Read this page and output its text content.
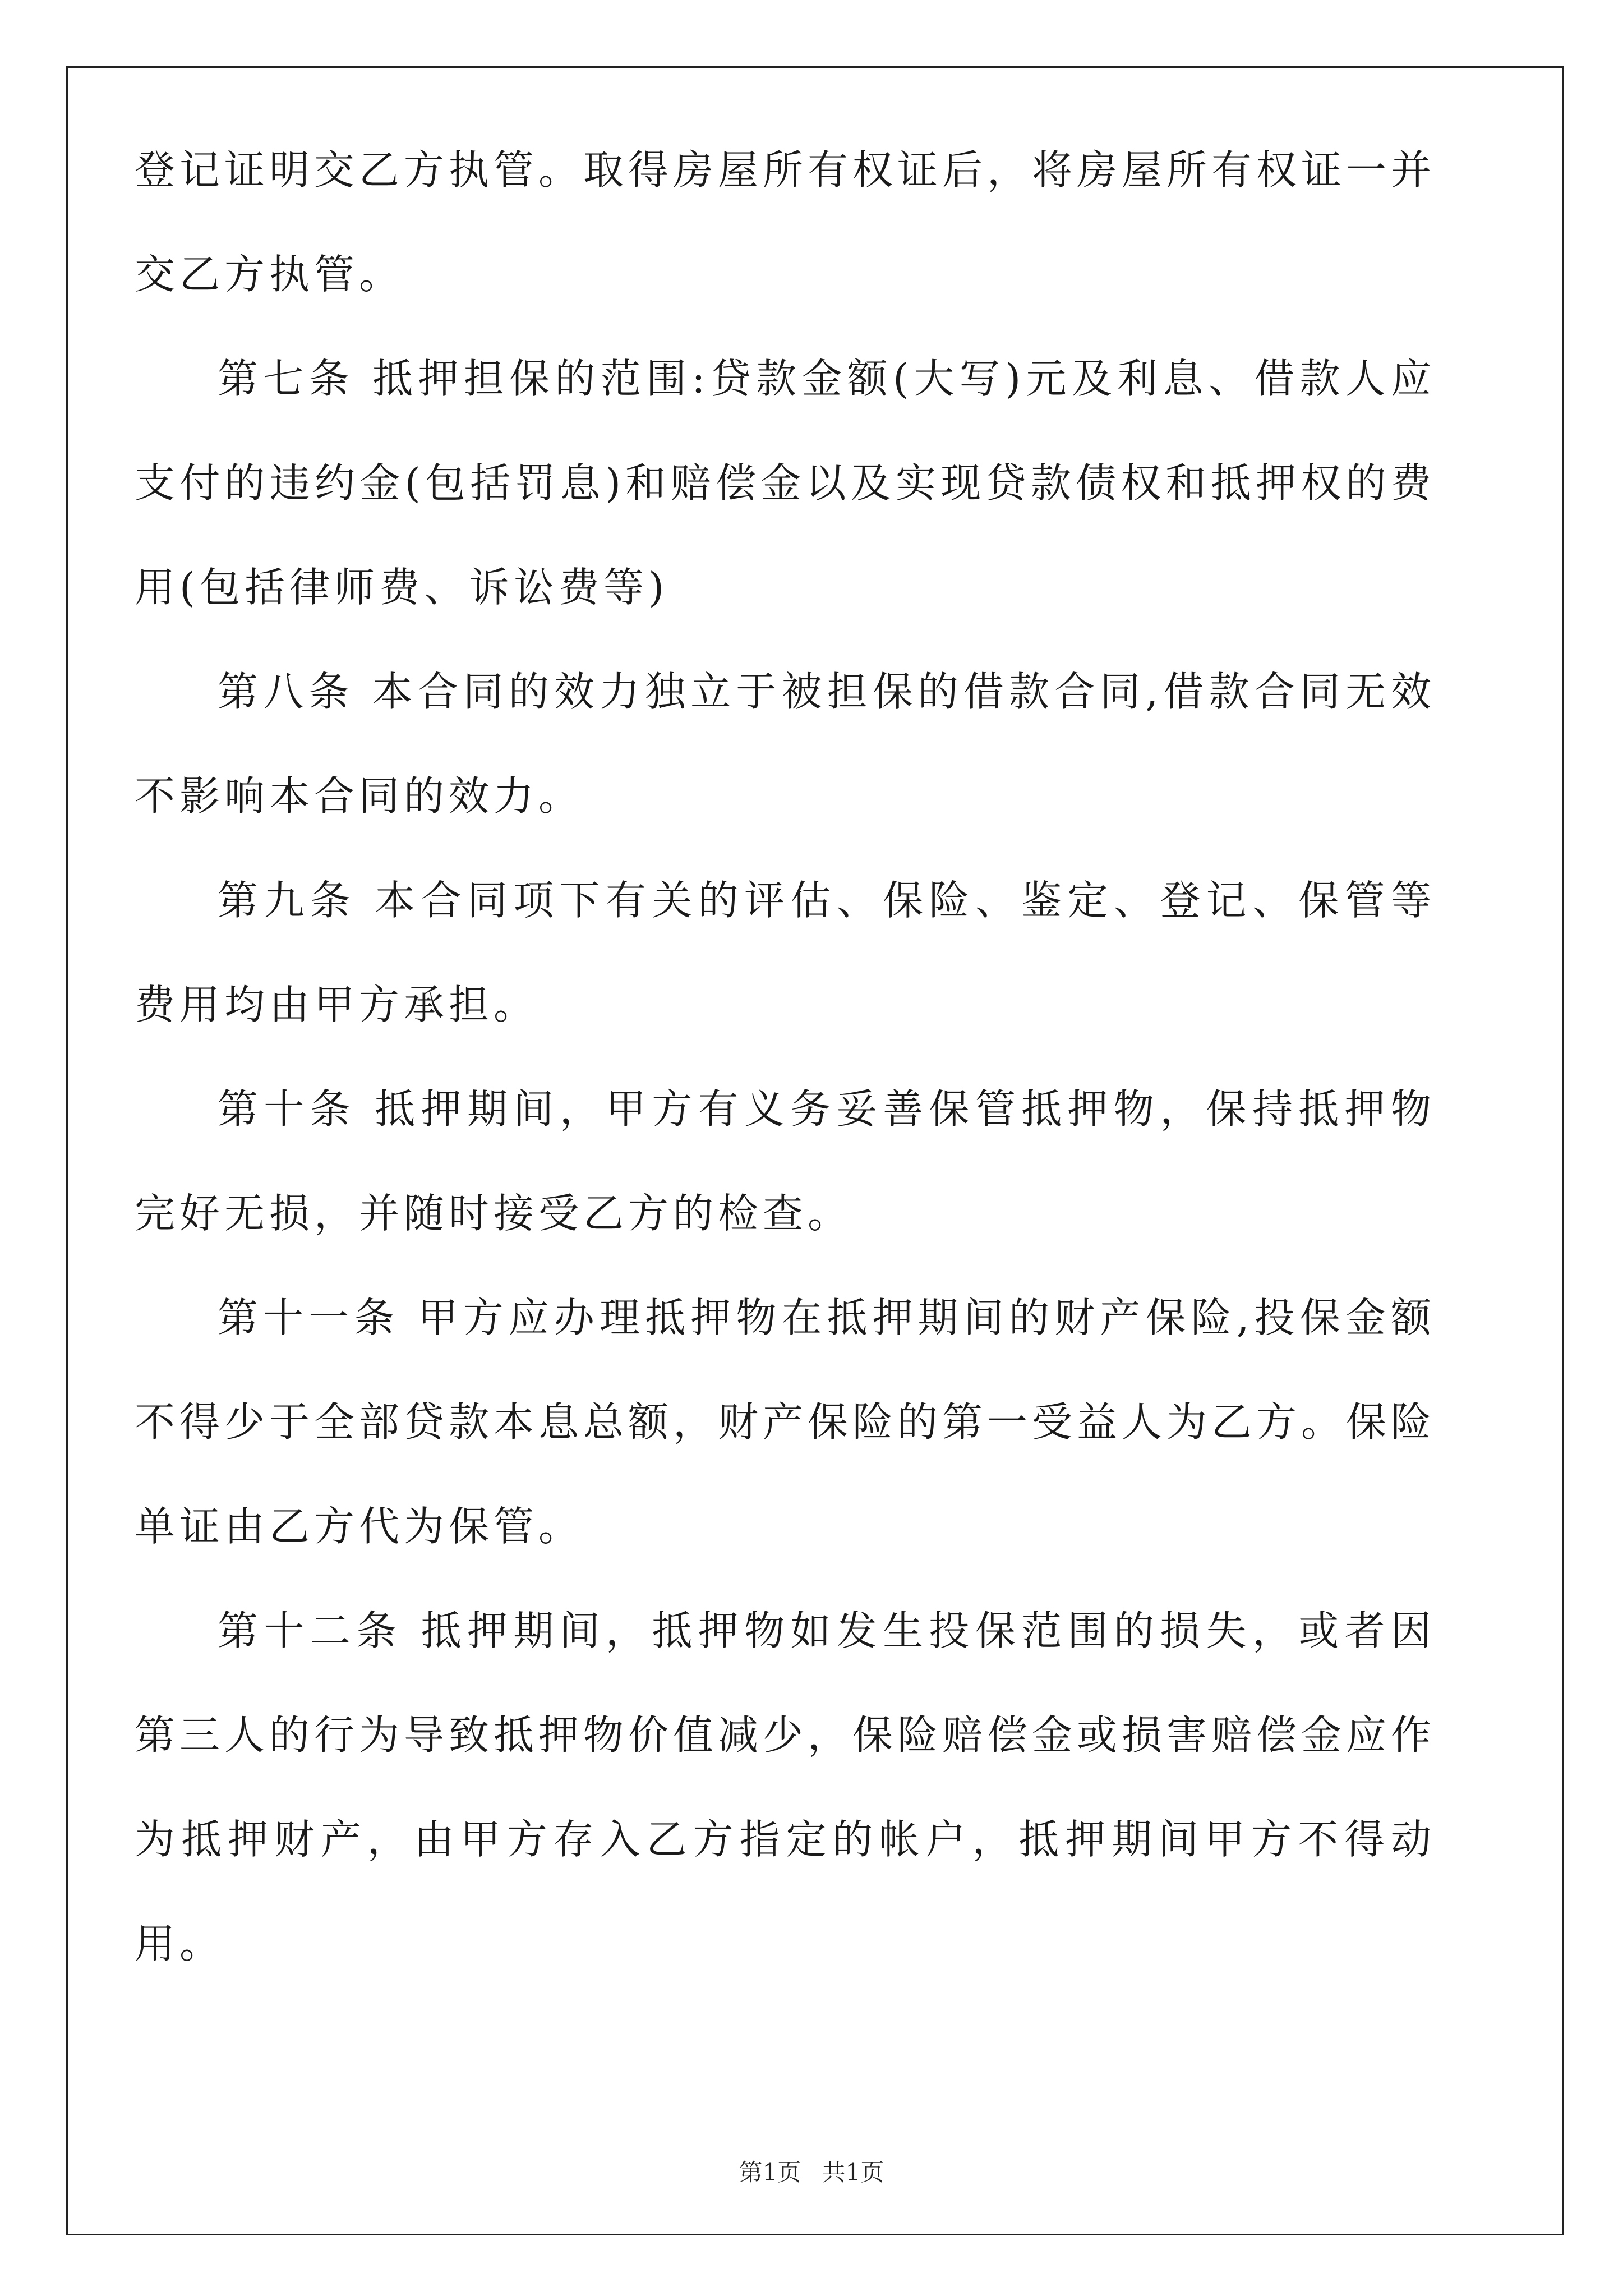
登记证明交乙方执管。取得房屋所有权证后，将房屋所有权证一并交乙方执管。

第七条 抵押担保的范围:贷款金额(大写)元及利息、借款人应支付的违约金(包括罚息)和赔偿金以及实现贷款债权和抵押权的费用(包括律师费、诉讼费等)

第八条 本合同的效力独立于被担保的借款合同,借款合同无效不影响本合同的效力。

第九条 本合同项下有关的评估、保险、鉴定、登记、保管等费用均由甲方承担。

第十条 抵押期间，甲方有义务妥善保管抵押物，保持抵押物完好无损，并随时接受乙方的检查。

第十一条 甲方应办理抵押物在抵押期间的财产保险,投保金额不得少于全部贷款本息总额，财产保险的第一受益人为乙方。保险单证由乙方代为保管。

第十二条 抵押期间，抵押物如发生投保范围的损失，或者因第三人的行为导致抵押物价值减少，保险赔偿金或损害赔偿金应作为抵押财产，由甲方存入乙方指定的帐户，抵押期间甲方不得动用。

第1页 共1页
